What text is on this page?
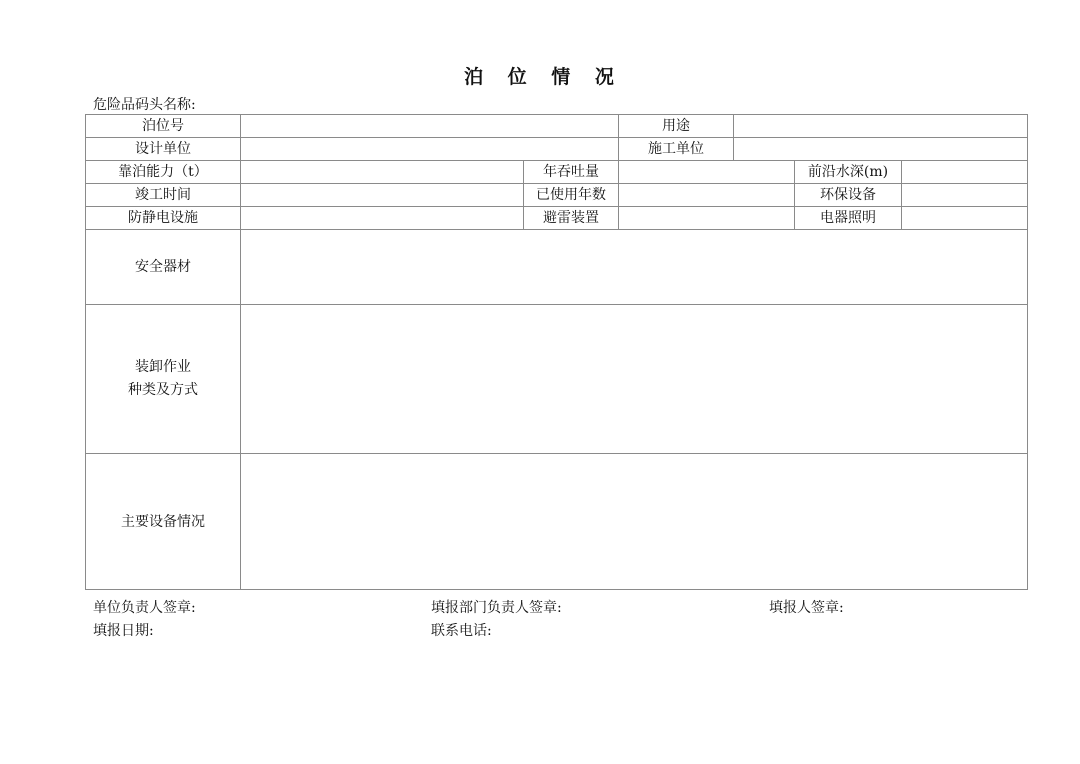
泊 位 情 况
危险品码头名称:
泊位号			用途			
设计单位			施工单位			
靠泊能力（t）		年吞吐量			前沿水深(m)	
竣工时间		已使用年数			环保设备	
防静电设施		避雷装置			电器照明	
安全器材						

装卸作业
种类及方式						

主要设备情况						
单位负责人签章:	填报部门负责人签章:	填报人签章:
填报日期:	联系电话:
